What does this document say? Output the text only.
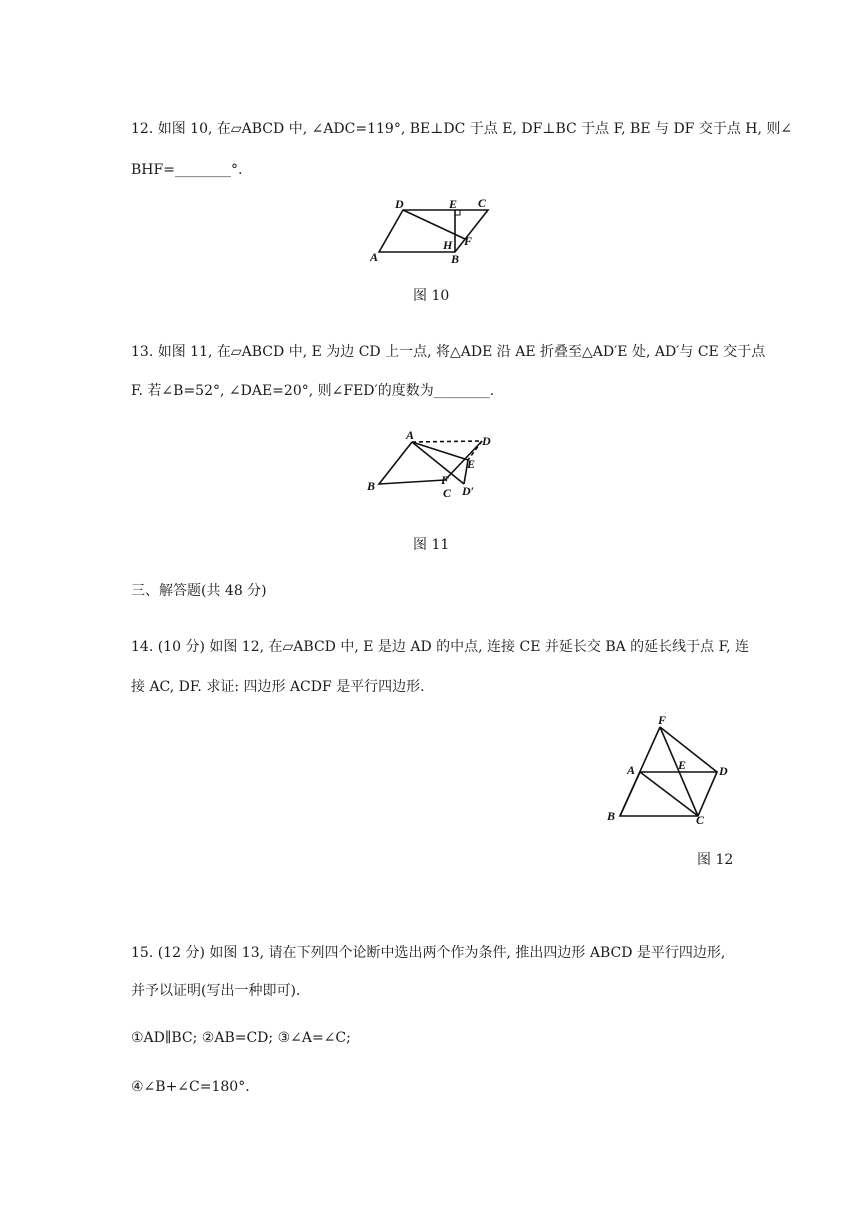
12. 如图 10, 在▱ABCD 中, ∠ADC=119°, BE⊥DC 于点 E, DF⊥BC 于点 F, BE 与 DF 交于点 H, 则∠
BHF=________°.
D	E C
F
H
A	B
图 10
13. 如图 11, 在▱ABCD 中, E 为边 CD 上一点, 将△ADE 沿 AE 折叠至△AD′E 处, AD′与 CE 交于点
F. 若∠B=52°, ∠DAE=20°, 则∠FED′的度数为________.
A	D
E
F
C D′
B
图 11
三、解答题(共 48 分)
14. (10 分) 如图 12, 在▱ABCD 中, E 是边 AD 的中点, 连接 CE 并延长交 BA 的延长线于点 F, 连
接 AC, DF. 求证: 四边形 ACDF 是平行四边形.
F
A	E	D
B	C
图 12
15. (12 分) 如图 13, 请在下列四个论断中选出两个作为条件, 推出四边形 ABCD 是平行四边形,
并予以证明(写出一种即可).
①AD∥BC; ②AB=CD; ③∠A=∠C;
④∠B+∠C=180°.
